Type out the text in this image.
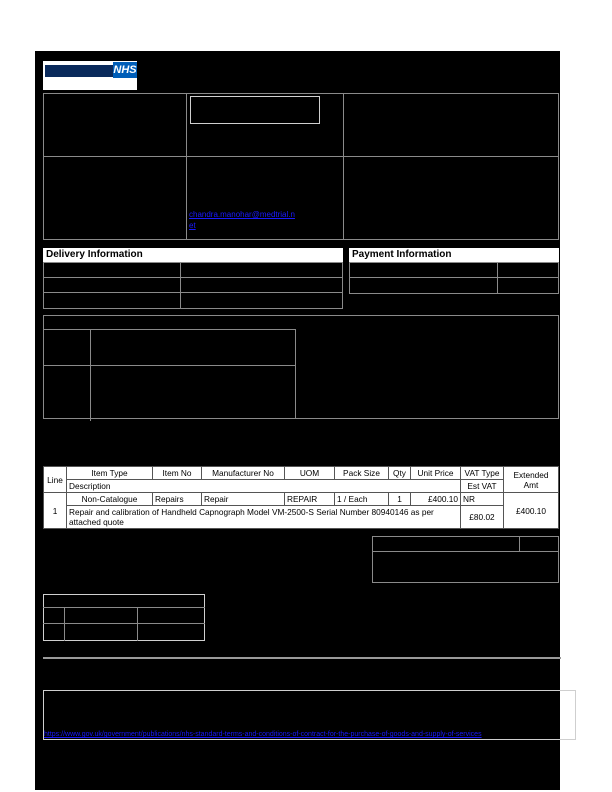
NHS
chandra.manohar@medtrial.n
et
Delivery Information	Payment Information
Line	Item Type	Item No	Manufacturer No	UOM	Pack Size	Qty	Unit Price	VAT Type	Extended Amt
	Description							Est VAT	
1	Non-Catalogue	Repairs	Repair	REPAIR	1 / Each	1	£400.10	NR	£400.10
	Repair and calibration of Handheld Capnograph Model VM-2500-S Serial Number 80940146 as per attached quote							£80.02	
https://www.gov.uk/government/publications/nhs-standard-terms-and-conditions-of-contract-for-the-purchase-of-goods-and-supply-of-services
